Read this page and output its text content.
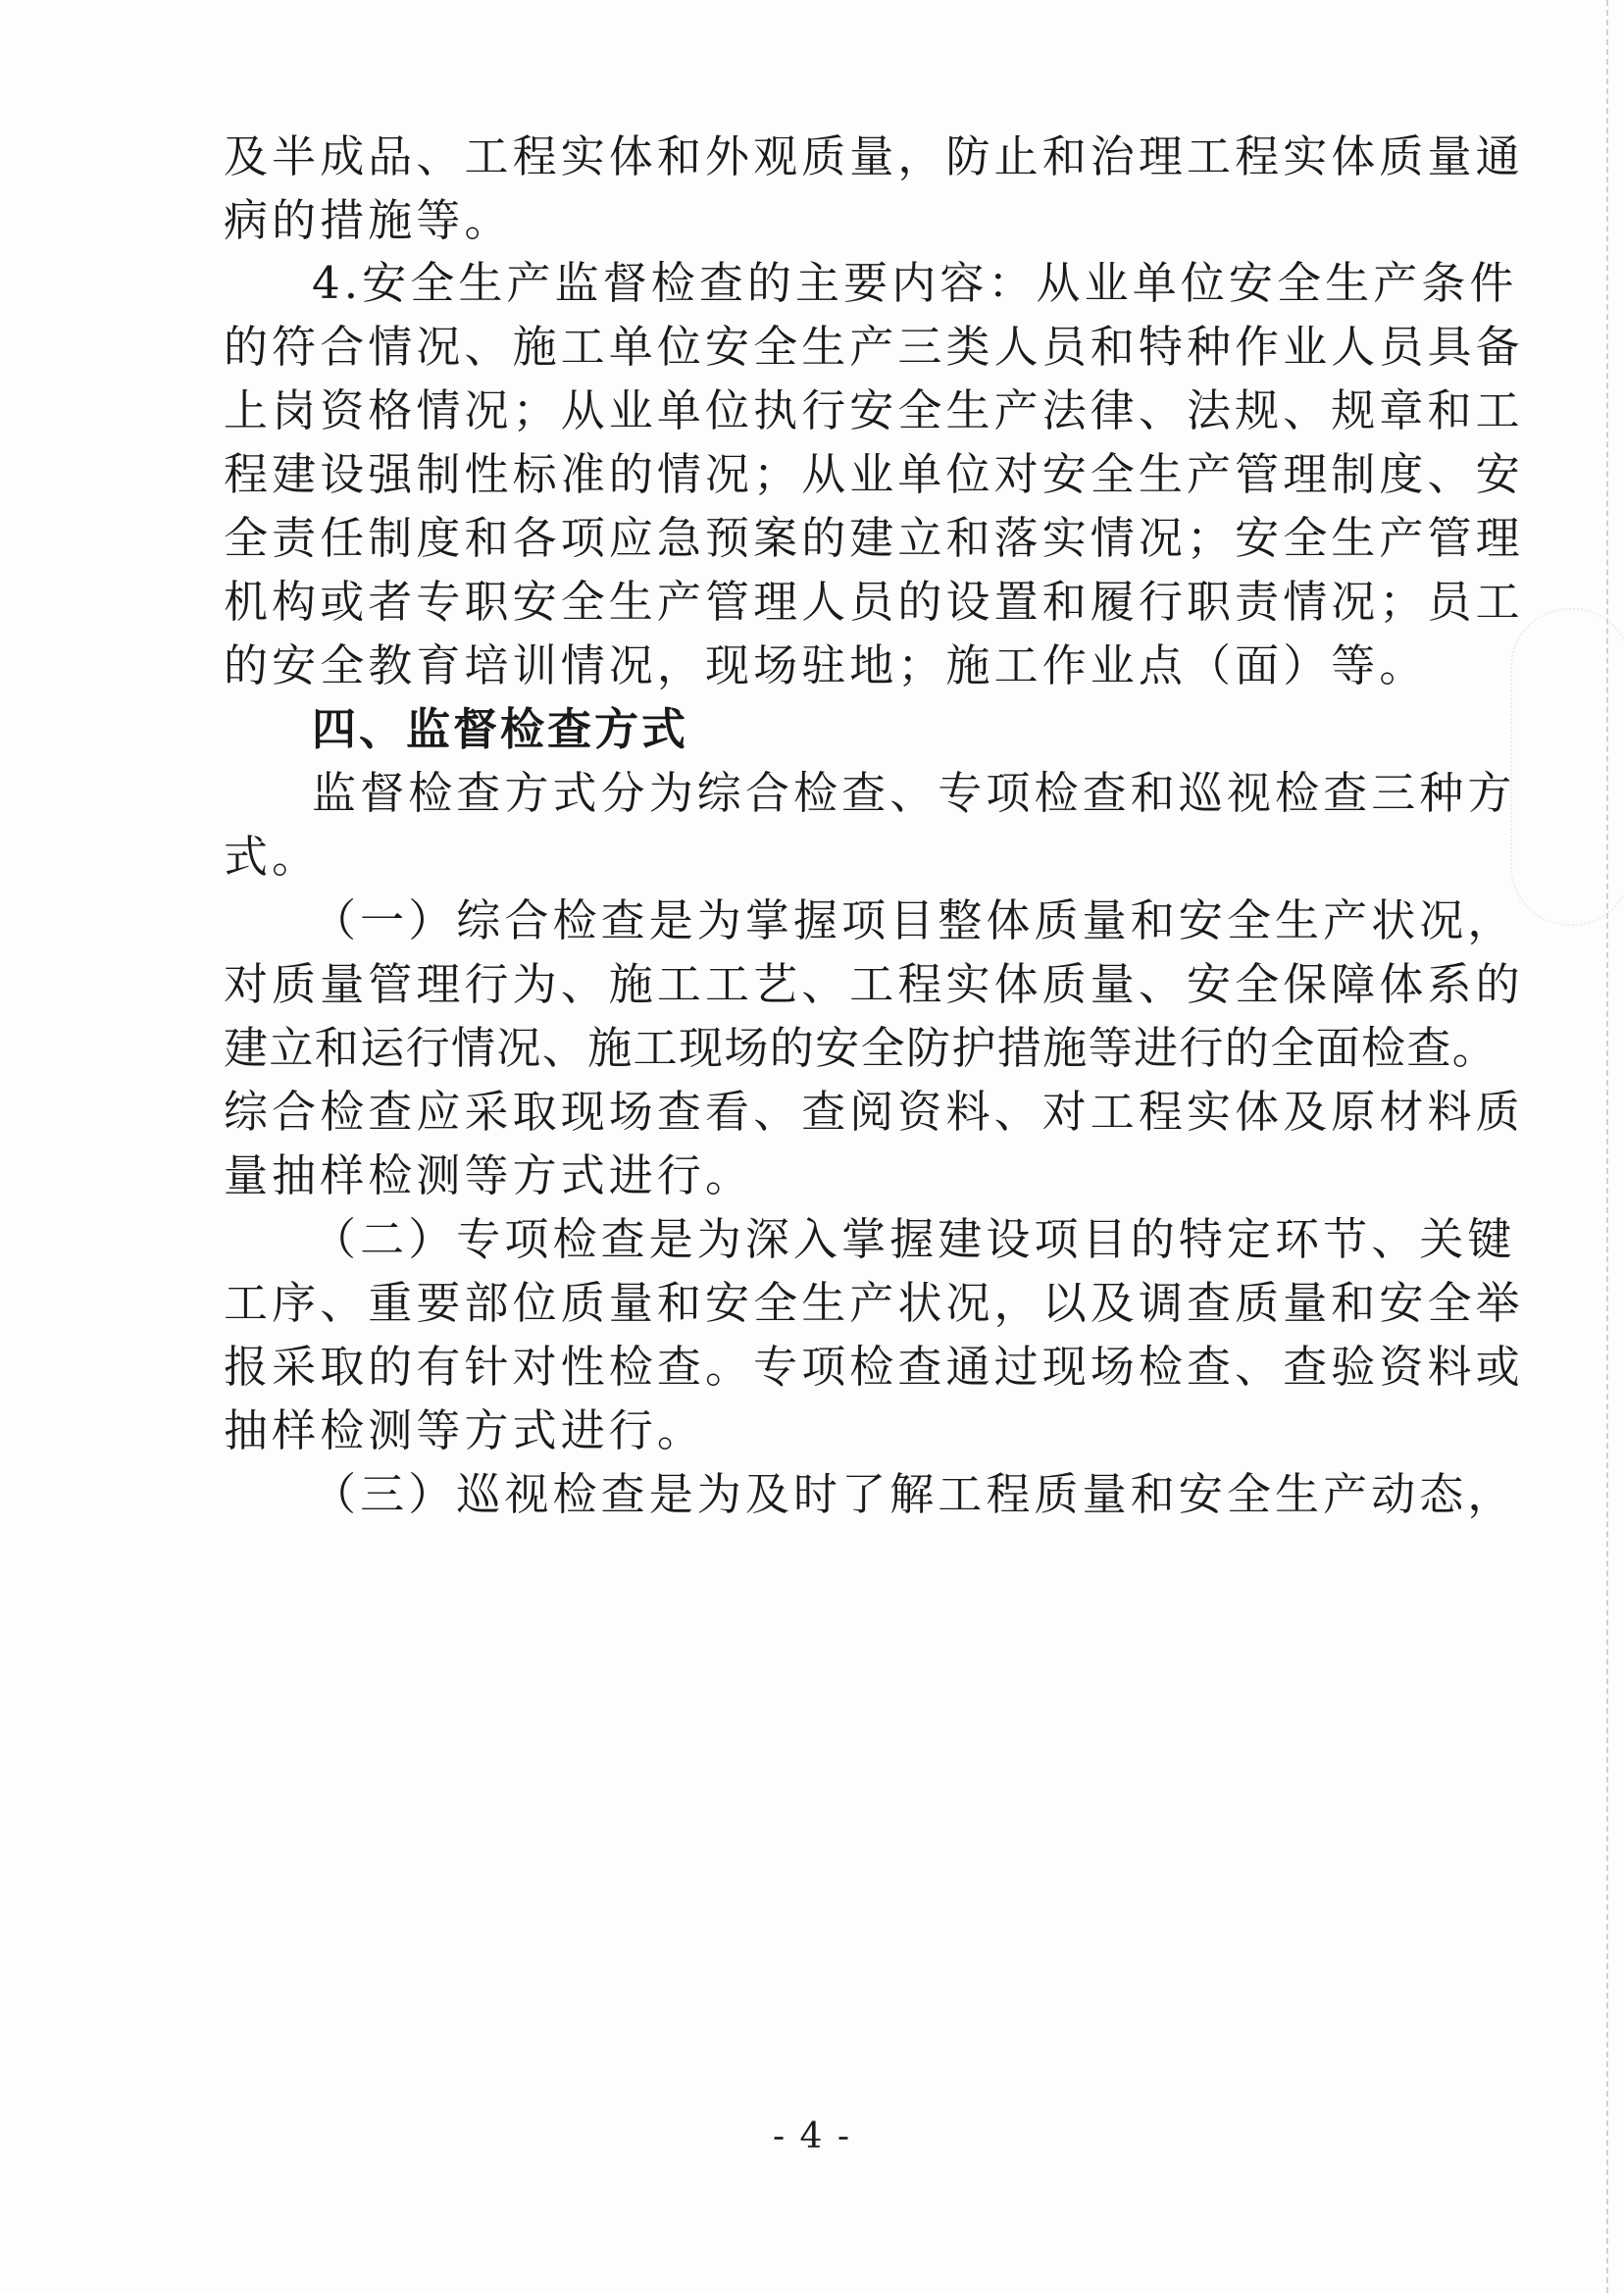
及半成品、工程实体和外观质量，防止和治理工程实体质量通
病的措施等。
4.安全生产监督检查的主要内容：从业单位安全生产条件
的符合情况、施工单位安全生产三类人员和特种作业人员具备
上岗资格情况；从业单位执行安全生产法律、法规、规章和工
程建设强制性标准的情况；从业单位对安全生产管理制度、安
全责任制度和各项应急预案的建立和落实情况；安全生产管理
机构或者专职安全生产管理人员的设置和履行职责情况；员工
的安全教育培训情况，现场驻地；施工作业点（面）等。
四、监督检查方式
监督检查方式分为综合检查、专项检查和巡视检查三种方
式。
（一）综合检查是为掌握项目整体质量和安全生产状况，
对质量管理行为、施工工艺、工程实体质量、安全保障体系的
建立和运行情况、施工现场的安全防护措施等进行的全面检查。
综合检查应采取现场查看、查阅资料、对工程实体及原材料质
量抽样检测等方式进行。
（二）专项检查是为深入掌握建设项目的特定环节、关键
工序、重要部位质量和安全生产状况，以及调查质量和安全举
报采取的有针对性检查。专项检查通过现场检查、查验资料或
抽样检测等方式进行。
（三）巡视检查是为及时了解工程质量和安全生产动态，
- 4 -
